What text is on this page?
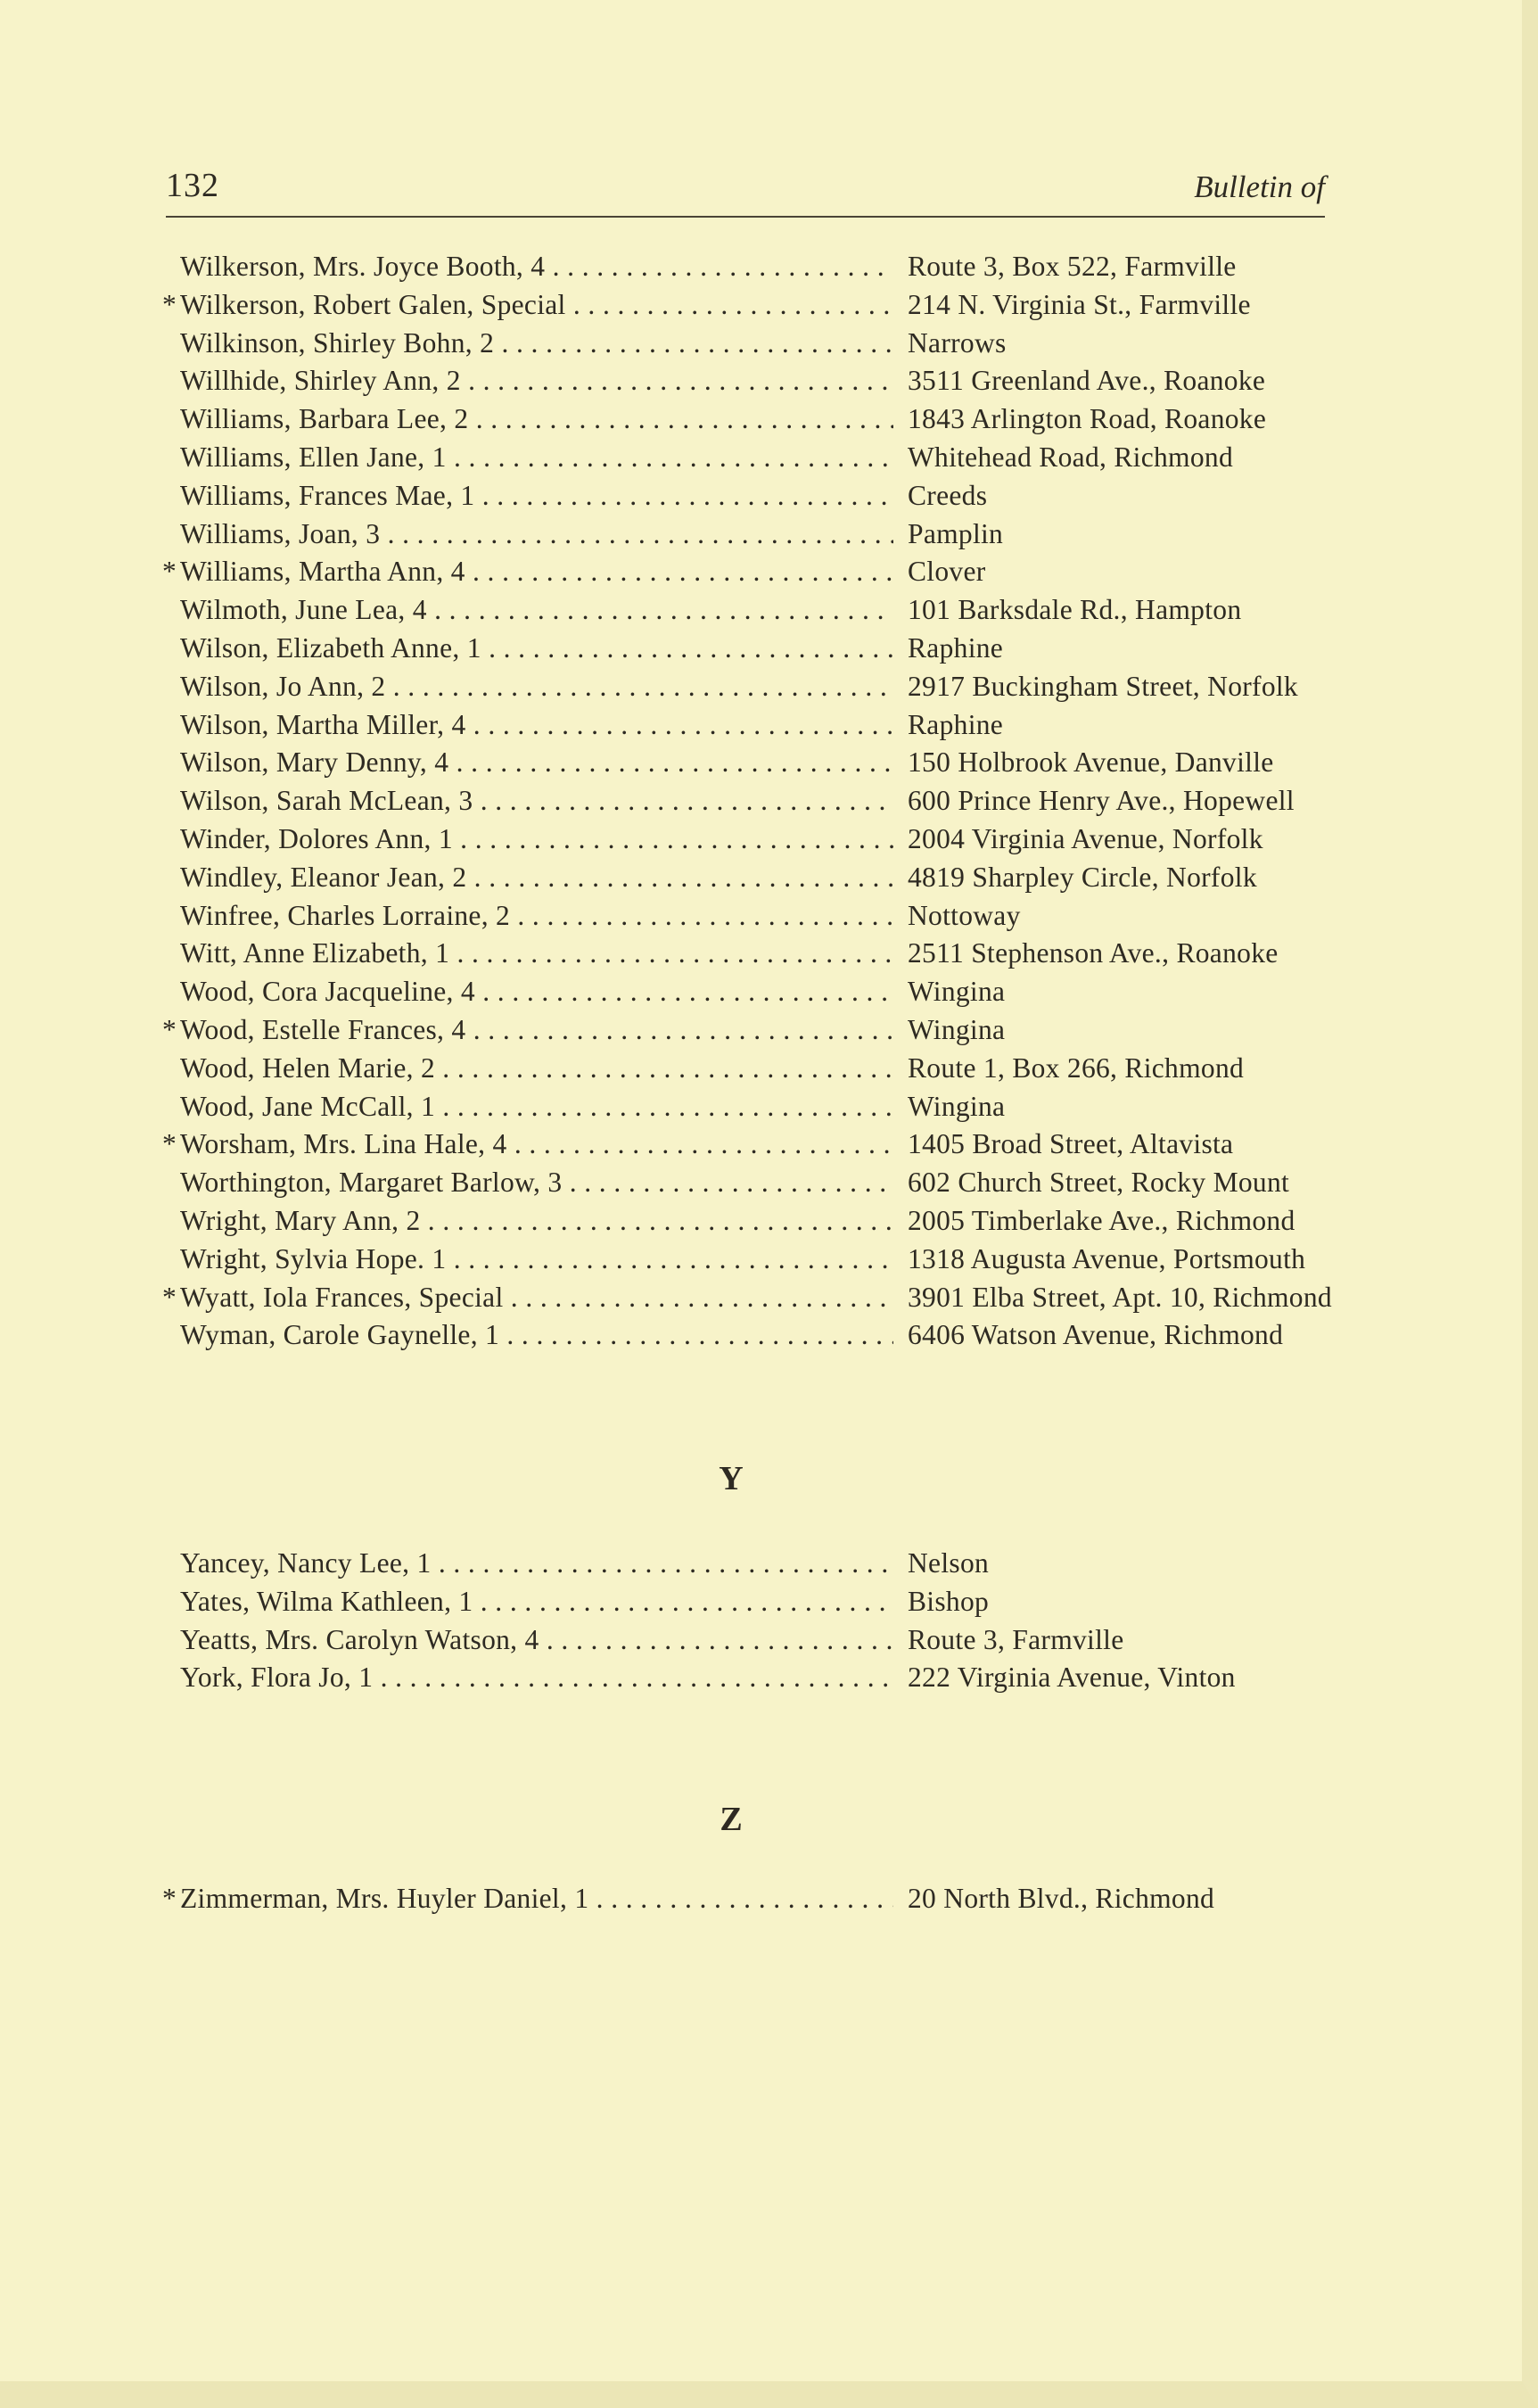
132	Bulletin of
Wilkerson, Mrs. Joyce Booth, 4 . . .	Route 3, Box 522, Farmville
* Wilkerson, Robert Galen, Special . . .	214 N. Virginia St., Farmville
Wilkinson, Shirley Bohn, 2 . . .	Narrows
Willhide, Shirley Ann, 2 . . .	3511 Greenland Ave., Roanoke
Williams, Barbara Lee, 2 . . .	1843 Arlington Road, Roanoke
Williams, Ellen Jane, 1 . . .	Whitehead Road, Richmond
Williams, Frances Mae, 1 . . .	Creeds
Williams, Joan, 3 . . .	Pamplin
* Williams, Martha Ann, 4 . . .	Clover
Wilmoth, June Lea, 4 . . .	101 Barksdale Rd., Hampton
Wilson, Elizabeth Anne, 1 . . .	Raphine
Wilson, Jo Ann, 2 . . .	2917 Buckingham Street, Norfolk
Wilson, Martha Miller, 4 . . .	Raphine
Wilson, Mary Denny, 4 . . .	150 Holbrook Avenue, Danville
Wilson, Sarah McLean, 3 . . .	600 Prince Henry Ave., Hopewell
Winder, Dolores Ann, 1 . . .	2004 Virginia Avenue, Norfolk
Windley, Eleanor Jean, 2 . . .	4819 Sharpley Circle, Norfolk
Winfree, Charles Lorraine, 2 . . .	Nottoway
Witt, Anne Elizabeth, 1 . . .	2511 Stephenson Ave., Roanoke
Wood, Cora Jacqueline, 4 . . .	Wingina
* Wood, Estelle Frances, 4 . . .	Wingina
Wood, Helen Marie, 2 . . .	Route 1, Box 266, Richmond
Wood, Jane McCall, 1 . . .	Wingina
* Worsham, Mrs. Lina Hale, 4 . . .	1405 Broad Street, Altavista
Worthington, Margaret Barlow, 3 . . .	602 Church Street, Rocky Mount
Wright, Mary Ann, 2 . . .	2005 Timberlake Ave., Richmond
Wright, Sylvia Hope. 1 . . .	1318 Augusta Avenue, Portsmouth
* Wyatt, Iola Frances, Special . . .	3901 Elba Street, Apt. 10, Richmond
Wyman, Carole Gaynelle, 1 . . .	6406 Watson Avenue, Richmond
Y
Yancey, Nancy Lee, 1 . . .	Nelson
Yates, Wilma Kathleen, 1 . . .	Bishop
Yeatts, Mrs. Carolyn Watson, 4 . . .	Route 3, Farmville
York, Flora Jo, 1 . . .	222 Virginia Avenue, Vinton
Z
* Zimmerman, Mrs. Huyler Daniel, 1 . . .	20 North Blvd., Richmond
